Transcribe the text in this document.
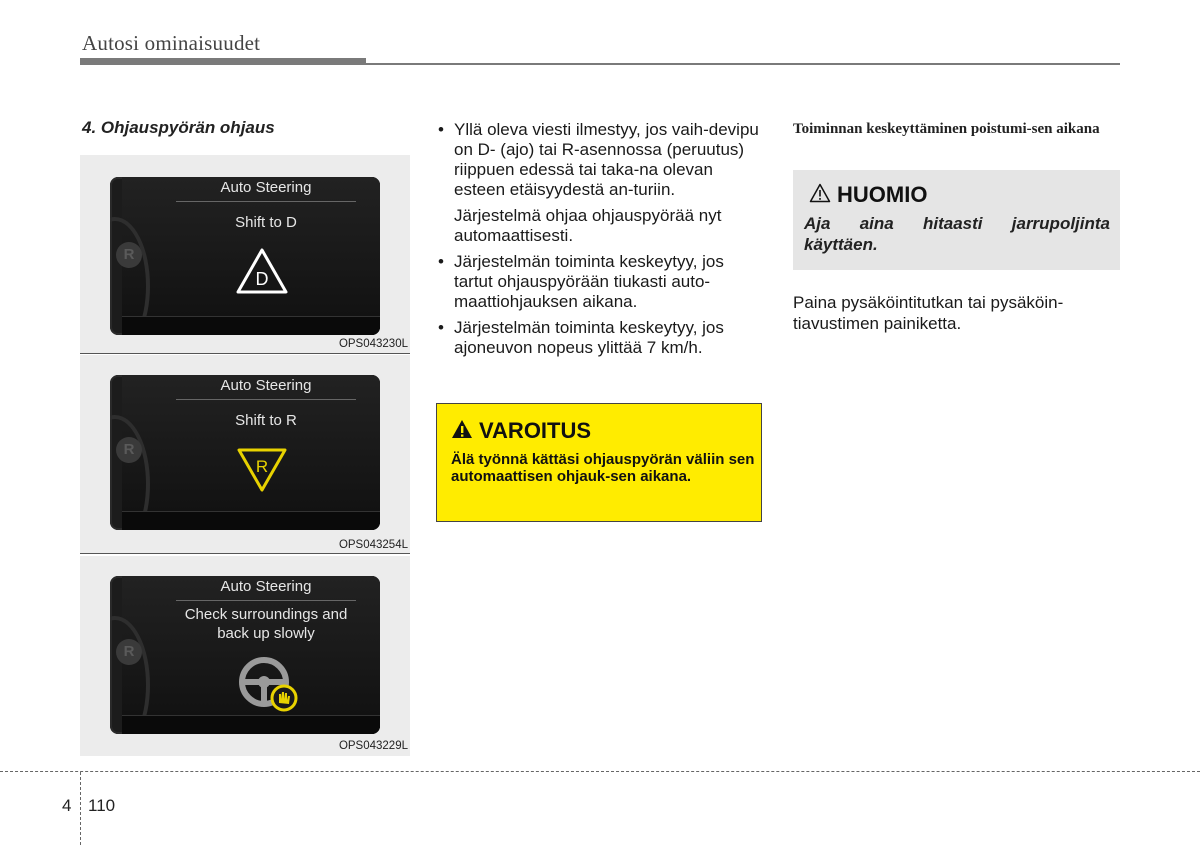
Autosi ominaisuudet
4. Ohjauspyörän ohjaus
R
Auto Steering
Shift to D
D
OPS043230L
R
Auto Steering
Shift to R
R
OPS043254L
R
Auto Steering
Check surroundings and
back up slowly
OPS043229L
• Yllä oleva viesti ilmestyy, jos vaih-devipu on D- (ajo) tai R-asennossa (peruutus) riippuen edessä tai taka-na olevan esteen etäisyydestä an-turiin.
Järjestelmä ohjaa ohjauspyörää nyt automaattisesti.
• Järjestelmän toiminta keskeytyy, jos tartut ohjauspyörään tiukasti auto-maattiohjauksen aikana.
• Järjestelmän toiminta keskeytyy, jos ajoneuvon nopeus ylittää 7 km/h.
VAROITUS
Älä työnnä kättäsi ohjauspyörän väliin sen automaattisen ohjauk-sen aikana.
Toiminnan keskeyttäminen poistumi-sen aikana
HUOMIO
Aja aina hitaasti jarrupoljinta käyttäen.
Paina pysäköintitutkan tai pysäköin-tiavustimen painiketta.
4 110
